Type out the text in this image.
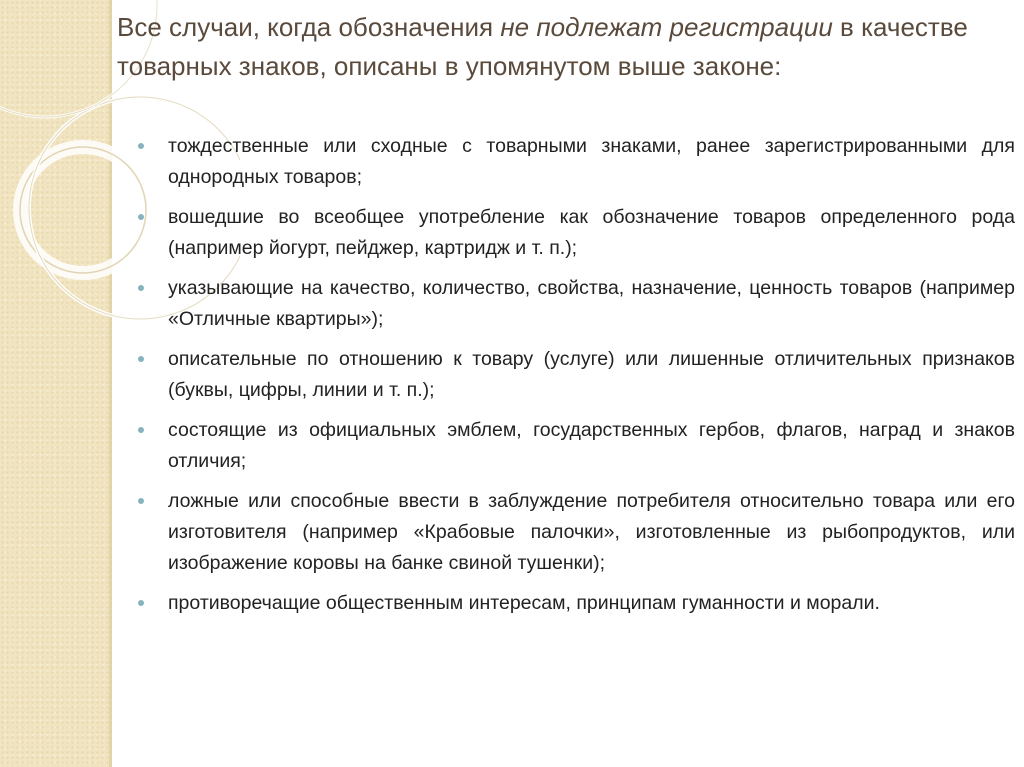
Все случаи, когда обозначения не подлежат регистрации в качестве товарных знаков, описаны в упомянутом выше законе:
тождественные или сходные с товарными знаками, ранее зарегистрированными для однородных товаров;
вошедшие во всеобщее употребление как обозначение товаров определенного рода (например йогурт, пейджер, картридж и т. п.);
указывающие на качество, количество, свойства, назначение, ценность товаров (например «Отличные квартиры»);
описательные по отношению к товару (услуге) или лишенные отличительных признаков (буквы, цифры, линии и т. п.);
состоящие из официальных эмблем, государственных гербов, флагов, наград и знаков отличия;
ложные или способные ввести в заблуждение потребителя относительно товара или его изготовителя (например «Крабовые палочки», изготовленные из рыбопродуктов, или изображение коровы на банке свиной тушенки);
противоречащие общественным интересам, принципам гуманности и морали.
